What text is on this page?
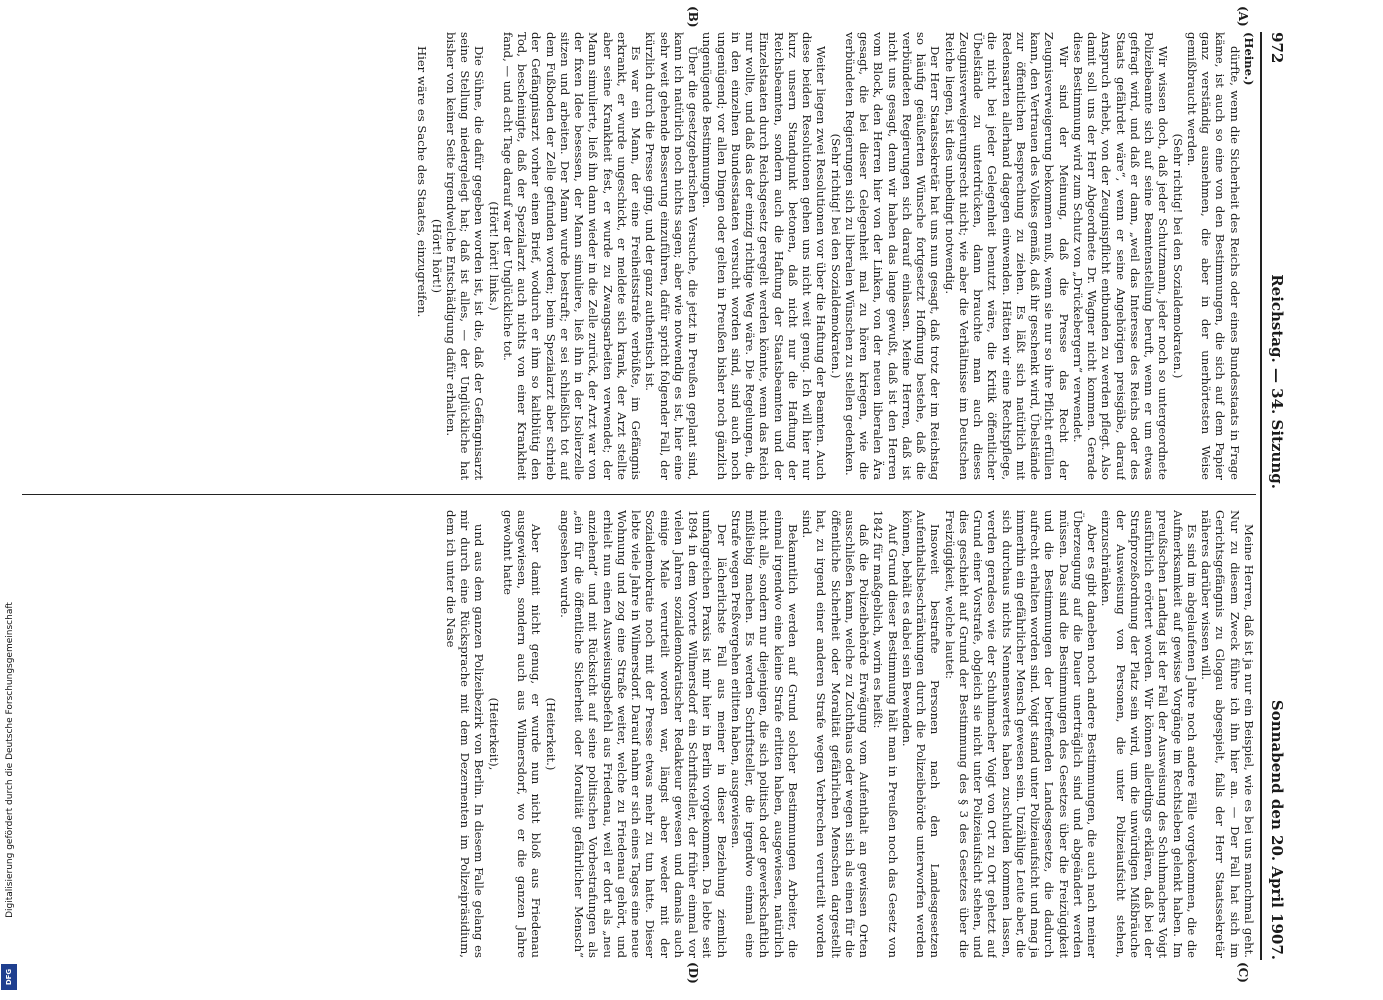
972
Reichstag. — 34. Sitzung.
Sonnabend den 20. April 1907.
(A)
(B)
(C)
(D)

(Heine.)

dürfte, wenn die Sicherheit des Reichs oder eines Bundesstaats in Frage käme, ist auch so eine von den Bestimmungen, die sich auf dem Papier ganz verständig ausnehmen, die aber in der unerhörtesten Weise gemißbraucht werden.

(Sehr richtig! bei den Sozialdemokraten.)

Wir wissen doch, daß jeder Schutzmann, jeder noch so untergeordnete Polizeibeamte sich auf seine Beamtenstellung beruft, wenn er um etwas gefragt wird, und daß er dann, „weil das Interesse des Reichs oder des Staats gefährdet wäre“, wenn er seine Angehörigen preisgäbe, darauf Anspruch erhebt, von der Zeugnispflicht entbunden zu werden pflegt. Also damit soll uns der Herr Abgeordnete Dr. Wagner nicht kommen. Gerade diese Bestimmung wird zum Schutz von „Drückebergern“ verwendet.

Wir sind der Meinung, daß die Presse das Recht der Zeugnisverweigerung bekommen muß, wenn sie nur so ihre Pflicht erfüllen kann, den Vertrauen des Volkes gemäß, daß ihr geschenkt wird, Übelstände zur öffentlichen Besprechung zu ziehen. Es läßt sich natürlich mit Redensarten allerhand dagegen einwenden. Hätten wir eine Rechtspflege, die nicht bei jeder Gelegenheit benutzt wäre, die Kritik öffentlicher Übelstände zu unterdrücken, dann brauchte man auch dieses Zeugnisverweigerungsrecht nicht; wie aber die Verhältnisse im Deutschen Reiche liegen, ist dies unbedingt notwendig.

Der Herr Staatssekretär hat uns nun gesagt, daß trotz der im Reichstag so häufig geäußerten Wünsche fortgesetzt Hoffnung bestehe, daß die verbündeten Regierungen sich darauf einlassen. Meine Herren, daß ist nicht uns gesagt, denn wir haben das lange gewußt, daß ist den Herren vom Block, den Herren hier von der Linken, von der neuen liberalen Ära gesagt, die bei dieser Gelegenheit mal zu hören kriegen, wie die verbündeten Regierungen sich zu liberalen Wünschen zu stellen gedenken.

(Sehr richtig! bei den Sozialdemokraten.)

Weiter liegen zwei Resolutionen vor über die Haftung der Beamten. Auch diese beiden Resolutionen gehen uns nicht weit genug. Ich will hier nur kurz unsern Standpunkt betonen, daß nicht nur die Haftung der Reichsbeamten, sondern auch die Haftung der Staatsbeamten und der Einzelstaaten durch Reichsgesetz geregelt werden könnte, wenn das Reich nur wollte, und daß das der einzig richtige Weg wäre. Die Regelungen, die in den einzelnen Bundesstaaten versucht worden sind, sind auch noch ungenügend; vor allen Dingen oder gelten in Preußen bisher noch gänzlich ungenügende Bestimmungen.

Über die gesetzgeberischen Versuche, die jetzt in Preußen geplant sind, kann ich natürlich noch nichts sagen; aber wie notwendig es ist, hier eine sehr weit gehende Besserung einzuführen, dafür spricht folgender Fall, der kürzlich durch die Presse ging, und der ganz authentisch ist.

Es war ein Mann, der eine Freiheitsstrafe verbüßte, im Gefängnis erkrankt, er wurde ungeschickt, er meldete sich krank, der Arzt stellte aber seine Krankheit fest, er wurde zu Zwangsarbeiten verwendet; der Mann simulierte, ließ ihn dann wieder in die Zelle zurück, der Arzt war von der fixen Idee besessen, der Mann simuliere, ließ ihn in der Isolierzelle sitzen und arbeiten. Der Mann wurde bestraft; er sei schließlich tot auf dem Fußboden der Zelle gefunden worden; beim Spezialarzt aber schrieb der Gefängnisarzt vorher einen Brief, wodurch er ihm so kaltblütig den Tod, bescheinigte, daß der Spezialarzt auch nichts von einer Krankheit fand, — und acht Tage darauf war der Unglückliche tot.

(Hört! hört! links.)

Die Sühne, die dafür gegeben worden ist, ist die, daß der Gefängnisarzt seine Stellung niedergelegt hat; daß ist alles, — der Unglückliche hat bisher von keiner Seite irgendwelche Entschädigung dafür erhalten.

(Hört! hört!)

Hier wäre es Sache des Staates, einzugreifen.

Meine Herren, daß ist ja nur ein Beispiel, wie es bei uns manchmal geht. Nur zu diesem Zweck führe ich ihn hier an. — Der Fall hat sich im Gerichtsgefängnis zu Glogau abgespielt, falls der Herr Staatssekretär näheres darüber wissen will.

Es sind im abgelaufenen Jahre noch andere Fälle vorgekommen, die die Aufmerksamkeit auf gewisse Vorgänge im Rechtsleben gelenkt haben. Im preußischen Landtag ist der Fall der Ausweisung des Schuhmachers Voigt ausführlich erörtert worden. Wir können allerdings erklären, daß bei der Strafprozeßordnung der Platz sein wird, um die unwürdigen Mißbräuche der Ausweisung von Personen, die unter Polizeiaufsicht stehen, einzuschränken.

Aber es gibt daneben noch andere Bestimmungen, die auch nach meiner Überzeugung auf die Dauer unerträglich sind und abgeändert werden müssen. Das sind die Bestimmungen des Gesetzes über die Freizügigkeit und die Bestimmungen der betreffenden Landesgesetze, die dadurch aufrecht erhalten worden sind. Voigt stand unter Polizeiaufsicht und mag ja immerhin ein gefährlicher Mensch gewesen sein. Unzählige Leute aber, die sich durchaus nichts Nennenswertes haben zuschulden kommen lassen, werden geradeso wie der Schuhmacher Voigt von Ort zu Ort gehetzt auf Grund einer Vorstrafe, obgleich sie nicht unter Polizeiaufsicht stehen, und dies geschieht auf Grund der Bestimmung des § 3 des Gesetzes über die Freizügigkeit, welche lautet:

Insoweit bestrafte Personen nach den Landesgesetzen Aufenthaltsbeschränkungen durch die Polizeibehörde unterworfen werden können, behält es dabei sein Bewenden.

Auf Grund dieser Bestimmung hält man in Preußen noch das Gesetz von 1842 für maßgeblich, worin es heißt:

daß die Polizeibehörde Erwägung vom Aufenthalt an gewissen Orten ausschließen kann, welche zu Zuchthaus oder wegen sich als einen für die öffentliche Sicherheit oder Moralität gefährlichen Menschen dargestellt hat, zu irgend einer anderen Strafe wegen Verbrechen verurteilt worden sind.

Bekanntlich werden auf Grund solcher Bestimmungen Arbeiter, die einmal irgendwo eine kleine Strafe erlitten haben, ausgewiesen, natürlich nicht alle, sondern nur diejenigen, die sich politisch oder gewerkschaftlich mißliebig machen. Es werden Schriftsteller, die irgendwo einmal eine Strafe wegen Preßvergehen erlitten haben, ausgewiesen.

Der lächerlichste Fall aus meiner in dieser Beziehung ziemlich umfangreichen Praxis ist mir hier in Berlin vorgekommen. Da lebte seit 1894 in dem Vororte Wilmersdorf ein Schriftsteller, der früher einmal vor vielen Jahren sozialdemokratischer Redakteur gewesen und damals auch einige Male verurteilt worden war, längst aber weder mit der Sozialdemokratie noch mit der Presse etwas mehr zu tun hatte. Dieser lebte viele Jahre in Wilmersdorf. Darauf nahm er sich eines Tages eine neue Wohnung und zog eine Straße weiter, welche zu Friedenau gehört, und erhielt nun einen Ausweisungsbefehl aus Friedenau, weil er dort als „neu anziehend“ und mit Rücksicht auf seine politischen Vorbestrafungen als „ein für die öffentliche Sicherheit oder Moralität gefährlicher Mensch“ angesehen wurde.

(Heiterkeit.)

Aber damit nicht genug, er wurde nun nicht bloß aus Friedenau ausgewiesen, sondern auch aus Wilmersdorf, wo er die ganzen Jahre gewohnt hatte

(Heiterkeit),

und aus dem ganzen Polizeibezirk von Berlin. In diesem Falle gelang es mir durch eine Rücksprache mit dem Dezernenten im Polizeipräsidium, dem ich unter die Nase

Digitalisierung gefördert durch die Deutsche Forschungsgemeinschaft
DFG
